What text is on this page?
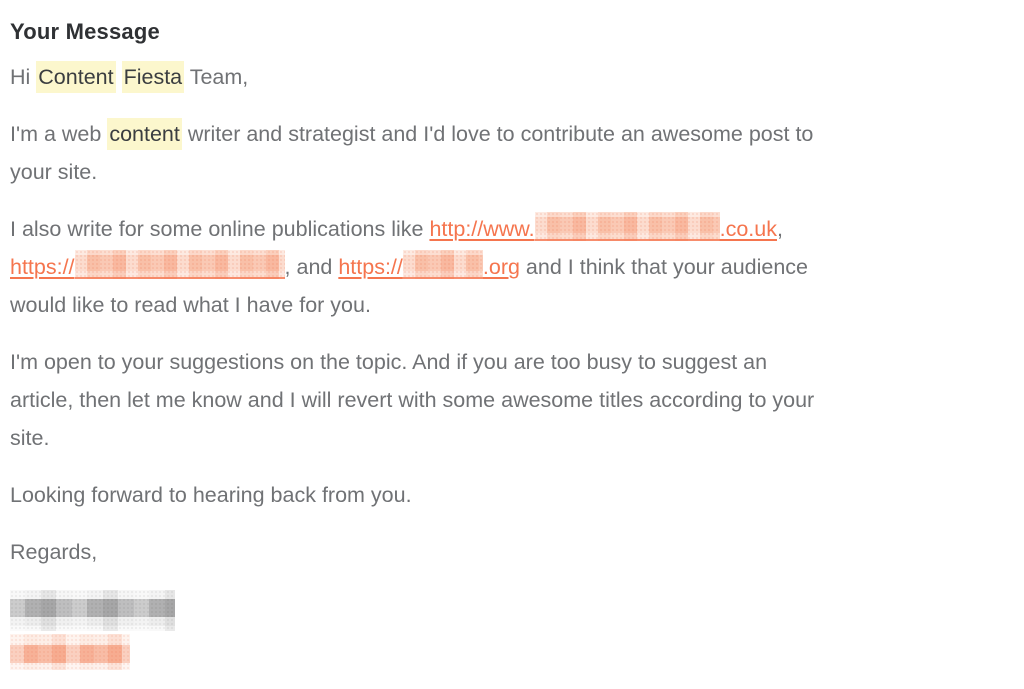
Your Message
Hi Content Fiesta Team,
I'm a web content writer and strategist and I'd love to contribute an awesome post to
your site.
I also write for some online publications like http://www.	.co.uk,
https://	, and https://	.org and I think that your audience
would like to read what I have for you.
I'm open to your suggestions on the topic. And if you are too busy to suggest an
article, then let me know and I will revert with some awesome titles according to your
site.
Looking forward to hearing back from you.
Regards,
